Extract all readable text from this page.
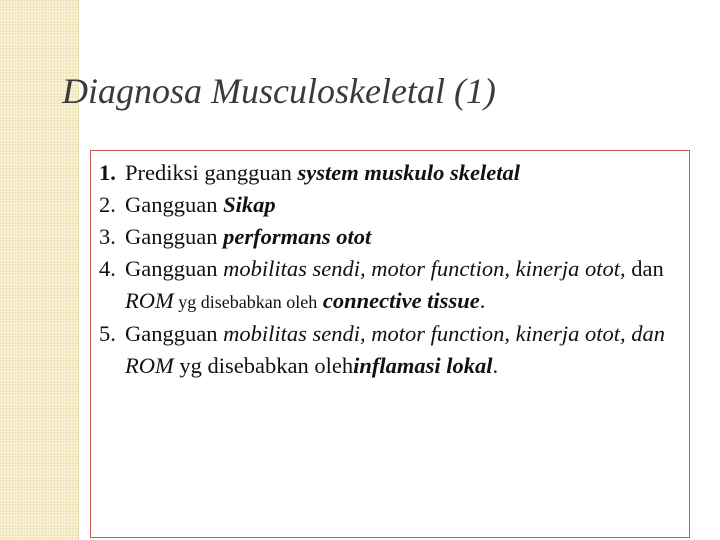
Diagnosa Musculoskeletal (1)

1. Prediksi gangguan system muskulo skeletal

2. Gangguan Sikap

3. Gangguan performans otot

4. Gangguan mobilitas sendi, motor function, kinerja otot, dan ROM yg disebabkan oleh connective tissue.

5. Gangguan mobilitas sendi, motor function, kinerja otot, dan ROM yg disebabkan olehinflamasi lokal.
